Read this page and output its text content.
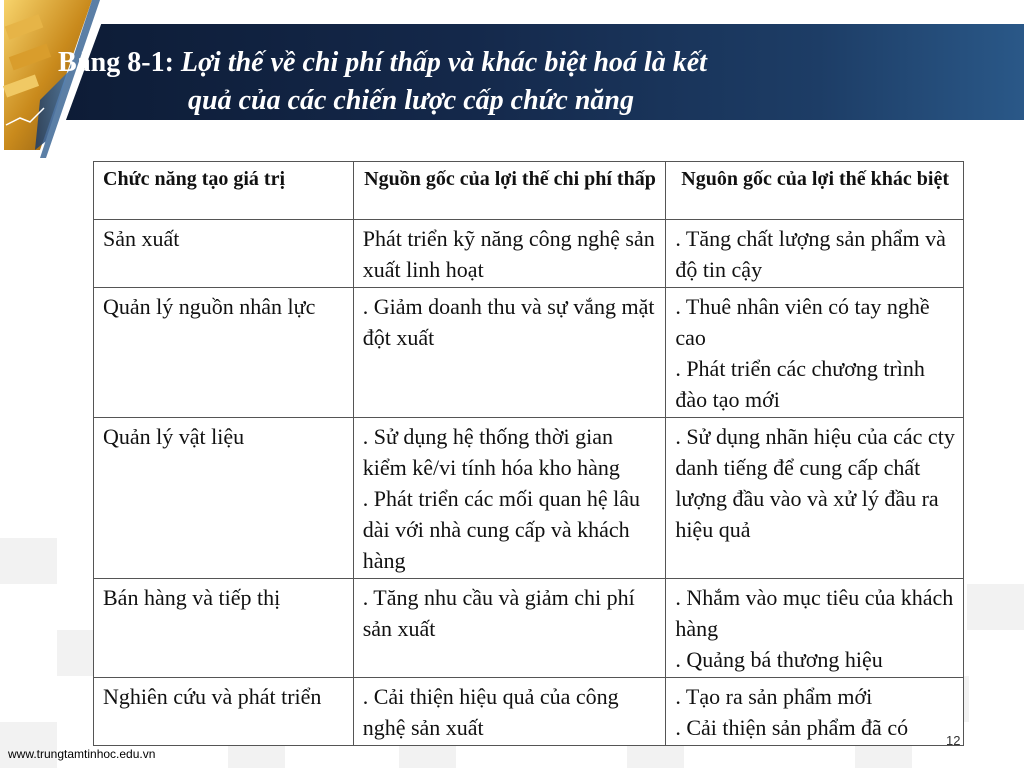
Bảng 8-1: Lợi thế về chi phí thấp và khác biệt hoá là kết
quả của các chiến lược cấp chức năng
Chức năng tạo giá trị	Nguồn gốc của lợi thế chi phí thấp	Nguôn gốc của lợi thế khác biệt
Sản xuất	Phát triển kỹ năng công nghệ sản xuất linh hoạt	. Tăng chất lượng sản phẩm và độ tin cậy

Quản lý nguồn nhân lực	. Giảm doanh thu và sự vắng mặt đột xuất	. Thuê nhân viên có tay nghề cao
. Phát triển các chương trình đào tạo mới

Quản lý vật liệu	. Sử dụng hệ thống thời gian kiểm kê/vi tính hóa kho hàng
. Phát triển các mối quan hệ lâu dài với nhà cung cấp và khách hàng	. Sử dụng nhãn hiệu của các cty danh tiếng để cung cấp chất lượng đầu vào và xử lý đầu ra hiệu quả

Bán hàng và tiếp thị	. Tăng nhu cầu và giảm chi phí sản xuất	. Nhắm vào mục tiêu của khách hàng
. Quảng bá thương hiệu

Nghiên cứu và phát triển	. Cải thiện hiệu quả của công nghệ sản xuất	. Tạo ra sản phẩm mới
. Cải thiện sản phẩm đã có
www.trungtamtinhoc.edu.vn
12
